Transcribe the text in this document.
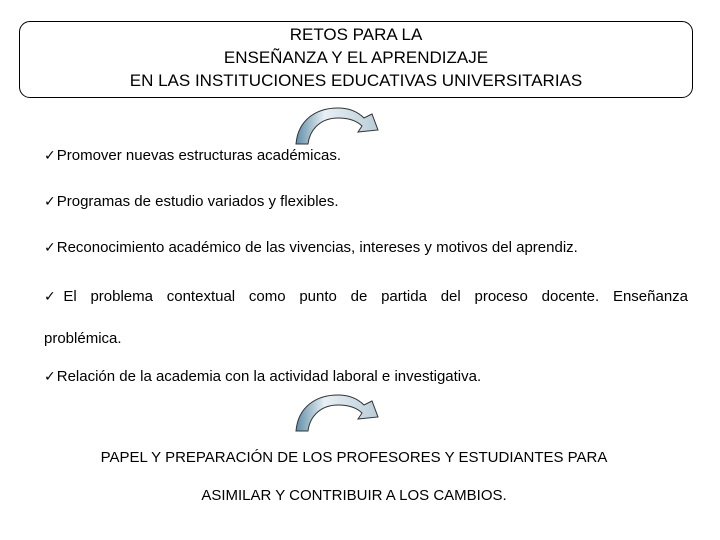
RETOS PARA LA
ENSEÑANZA Y EL APRENDIZAJE
EN LAS INSTITUCIONES EDUCATIVAS UNIVERSITARIAS
✓Promover nuevas estructuras académicas.
✓Programas de estudio variados y flexibles.
✓Reconocimiento académico de las vivencias, intereses y motivos del aprendiz.
✓El problema contextual como punto de partida del proceso docente. Enseñanza problémica.
✓Relación de la academia con la actividad laboral e investigativa.
PAPEL Y PREPARACIÓN DE LOS PROFESORES Y ESTUDIANTES PARA
ASIMILAR Y CONTRIBUIR A LOS CAMBIOS.
